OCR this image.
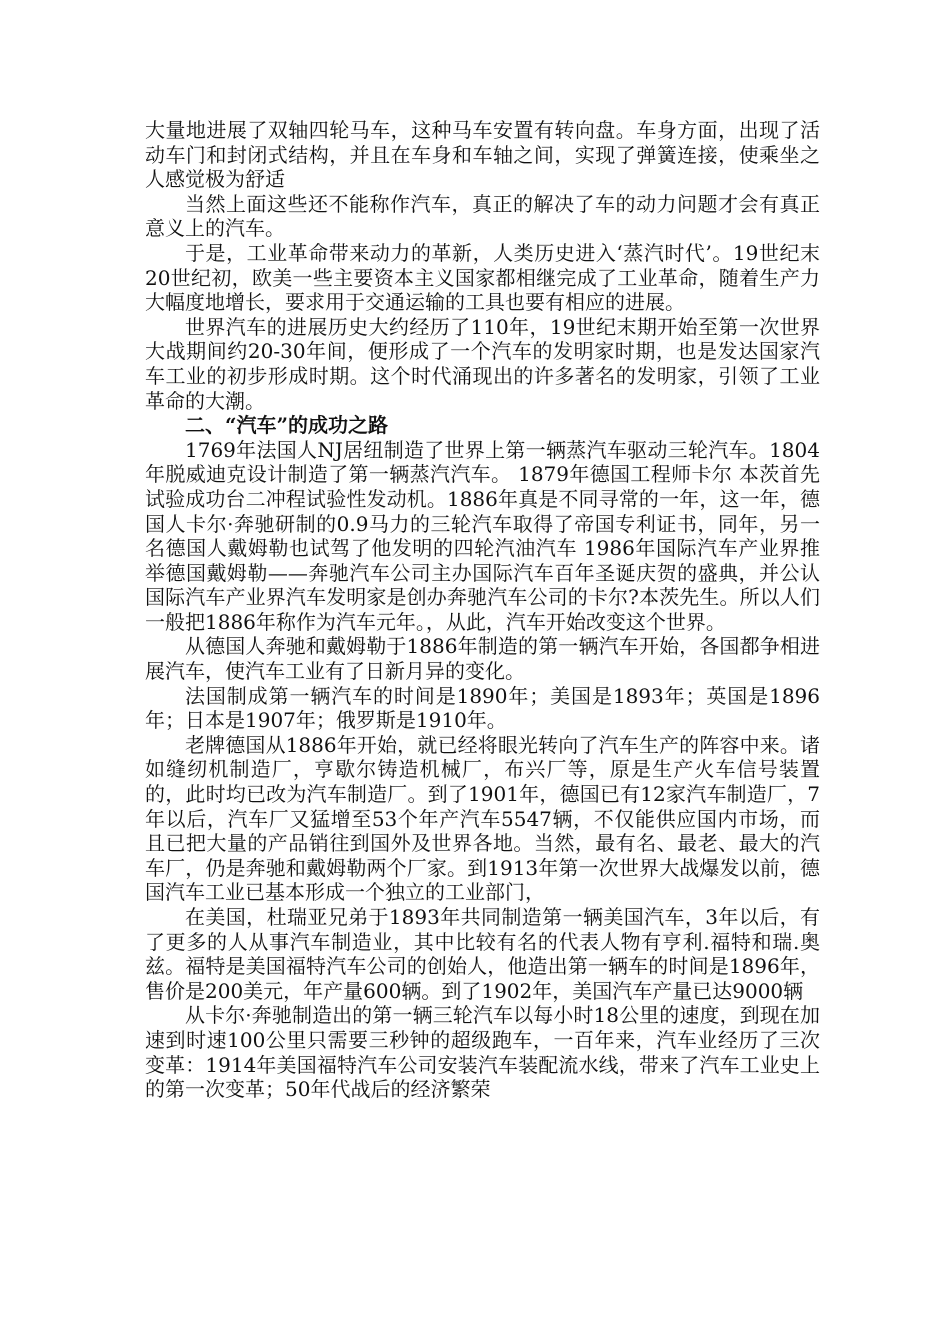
大量地进展了双轴四轮马车，这种马车安置有转向盘。车身方面，出现了活动车门和封闭式结构，并且在车身和车轴之间，实现了弹簧连接，使乘坐之人感觉极为舒适

当然上面这些还不能称作汽车，真正的解决了车的动力问题才会有真正意义上的汽车。

于是，工业革命带来动力的革新，人类历史进入‘蒸汽时代’。19世纪末20世纪初，欧美一些主要资本主义国家都相继完成了工业革命，随着生产力大幅度地增长，要求用于交通运输的工具也要有相应的进展。

世界汽车的进展历史大约经历了110年，19世纪末期开始至第一次世界大战期间约20-30年间，便形成了一个汽车的发明家时期，也是发达国家汽车工业的初步形成时期。这个时代涌现出的许多著名的发明家，引领了工业革命的大潮。

二、“汽车”的成功之路

1769年法国人NJ居纽制造了世界上第一辆蒸汽车驱动三轮汽车。1804年脱威迪克设计制造了第一辆蒸汽汽车。 1879年德国工程师卡尔 本茨首先试验成功台二冲程试验性发动机。1886年真是不同寻常的一年，这一年，德国人卡尔·奔驰研制的0.9马力的三轮汽车取得了帝国专利证书，同年，另一名德国人戴姆勒也试驾了他发明的四轮汽油汽车 1986年国际汽车产业界推举德国戴姆勒——奔驰汽车公司主办国际汽车百年圣诞庆贺的盛典，并公认国际汽车产业界汽车发明家是创办奔驰汽车公司的卡尔?本茨先生。所以人们一般把1886年称作为汽车元年。，从此，汽车开始改变这个世界。

从德国人奔驰和戴姆勒于1886年制造的第一辆汽车开始，各国都争相进展汽车，使汽车工业有了日新月异的变化。

法国制成第一辆汽车的时间是1890年；美国是1893年；英国是1896年；日本是1907年；俄罗斯是1910年。

老牌德国从1886年开始，就已经将眼光转向了汽车生产的阵容中来。诸如缝纫机制造厂，亨歇尔铸造机械厂，布兴厂等，原是生产火车信号装置的，此时均已改为汽车制造厂。到了1901年，德国已有12家汽车制造厂，7年以后，汽车厂又猛增至53个年产汽车5547辆，不仅能供应国内市场，而且已把大量的产品销往到国外及世界各地。当然，最有名、最老、最大的汽车厂，仍是奔驰和戴姆勒两个厂家。到1913年第一次世界大战爆发以前，德国汽车工业已基本形成一个独立的工业部门，

在美国，杜瑞亚兄弟于1893年共同制造第一辆美国汽车，3年以后，有了更多的人从事汽车制造业，其中比较有名的代表人物有亨利.福特和瑞.奥兹。福特是美国福特汽车公司的创始人，他造出第一辆车的时间是1896年，售价是200美元，年产量600辆。到了1902年，美国汽车产量已达9000辆

从卡尔·奔驰制造出的第一辆三轮汽车以每小时18公里的速度，到现在加速到时速100公里只需要三秒钟的超级跑车，一百年来，汽车业经历了三次变革：1914年美国福特汽车公司安装汽车装配流水线，带来了汽车工业史上的第一次变革；50年代战后的经济繁荣
